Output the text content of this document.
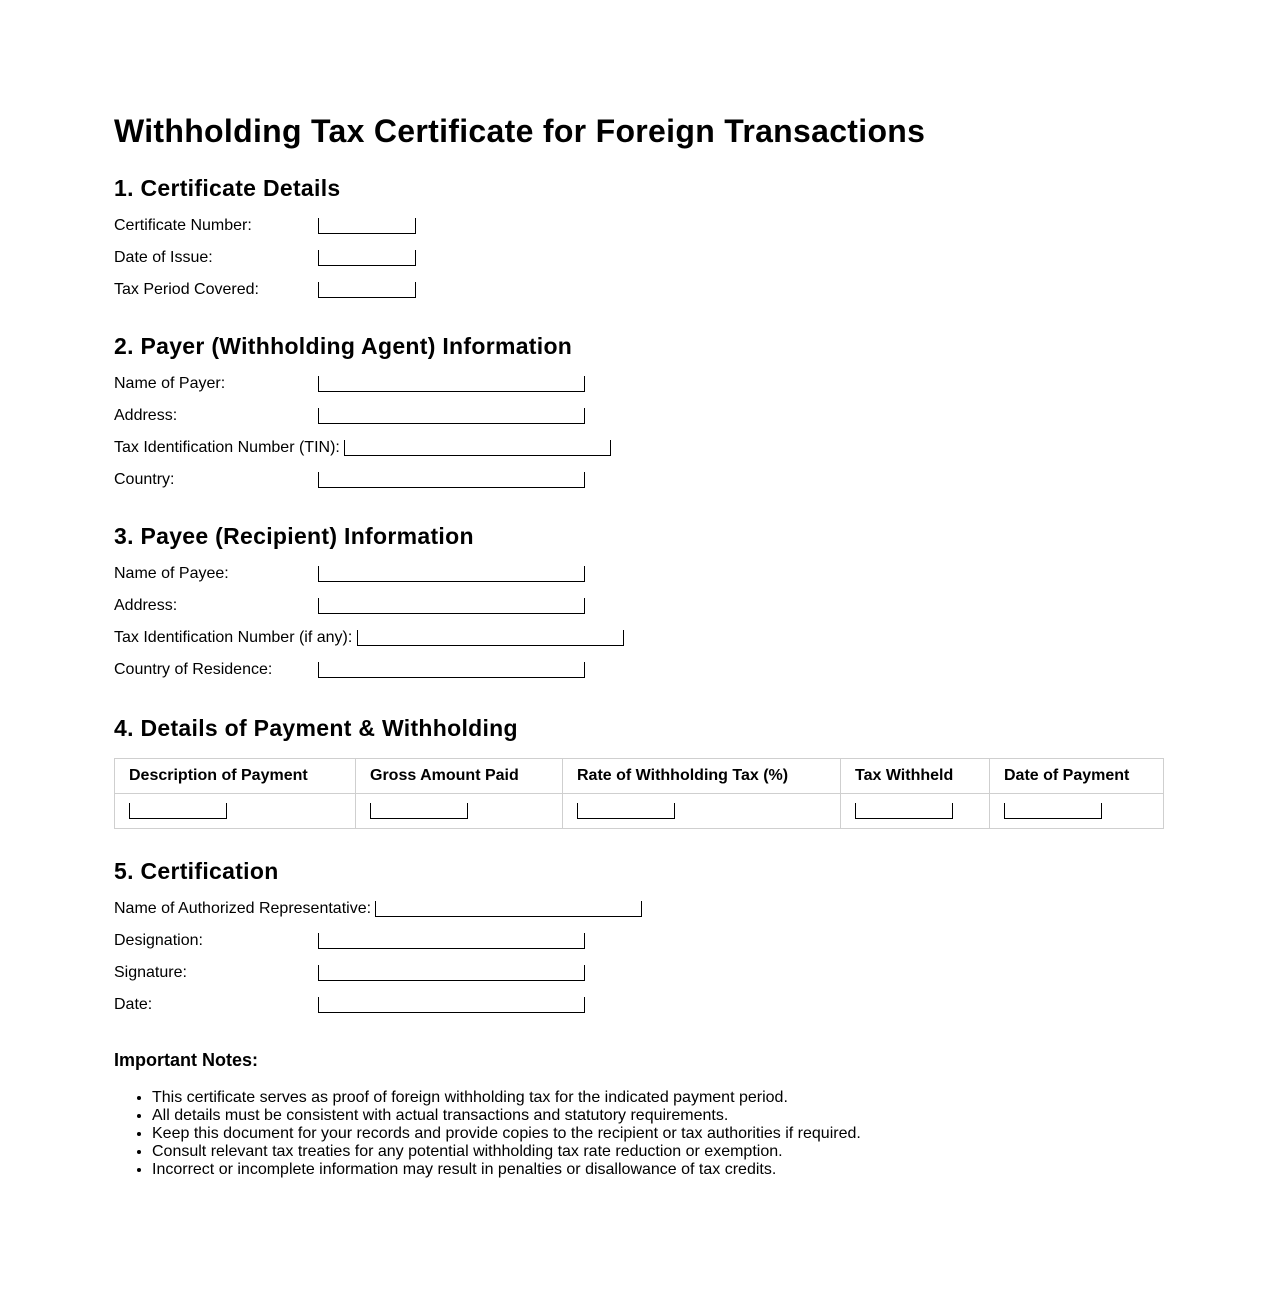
Withholding Tax Certificate for Foreign Transactions
1. Certificate Details
Certificate Number:
Date of Issue:
Tax Period Covered:
2. Payer (Withholding Agent) Information
Name of Payer:
Address:
Tax Identification Number (TIN):
Country:
3. Payee (Recipient) Information
Name of Payee:
Address:
Tax Identification Number (if any):
Country of Residence:
4. Details of Payment & Withholding
Description of Payment	Gross Amount Paid	Rate of Withholding Tax (%)	Tax Withheld	Date of Payment

5. Certification
Name of Authorized Representative:
Designation:
Signature:
Date:
Important Notes:
• This certificate serves as proof of foreign withholding tax for the indicated payment period.
• All details must be consistent with actual transactions and statutory requirements.
• Keep this document for your records and provide copies to the recipient or tax authorities if required.
• Consult relevant tax treaties for any potential withholding tax rate reduction or exemption.
• Incorrect or incomplete information may result in penalties or disallowance of tax credits.
